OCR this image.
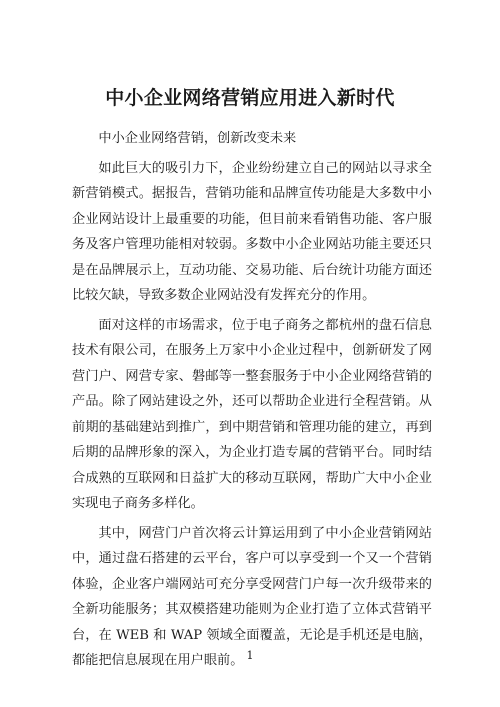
中小企业网络营销应用进入新时代

中小企业网络营销，创新改变未来

如此巨大的吸引力下，企业纷纷建立自己的网站以寻求全新营销模式。据报告，营销功能和品牌宣传功能是大多数中小企业网站设计上最重要的功能，但目前来看销售功能、客户服务及客户管理功能相对较弱。多数中小企业网站功能主要还只是在品牌展示上，互动功能、交易功能、后台统计功能方面还比较欠缺，导致多数企业网站没有发挥充分的作用。

面对这样的市场需求，位于电子商务之都杭州的盘石信息技术有限公司，在服务上万家中小企业过程中，创新研发了网营门户、网营专家、磐邮等一整套服务于中小企业网络营销的产品。除了网站建设之外，还可以帮助企业进行全程营销。从前期的基础建站到推广，到中期营销和管理功能的建立，再到后期的品牌形象的深入，为企业打造专属的营销平台。同时结合成熟的互联网和日益扩大的移动互联网，帮助广大中小企业实现电子商务多样化。

其中，网营门户首次将云计算运用到了中小企业营销网站中，通过盘石搭建的云平台，客户可以享受到一个又一个营销体验，企业客户端网站可充分享受网营门户每一次升级带来的全新功能服务；其双模搭建功能则为企业打造了立体式营销平台，在 WEB 和 WAP 领域全面覆盖，无论是手机还是电脑，都能把信息展现在用户眼前。 1
